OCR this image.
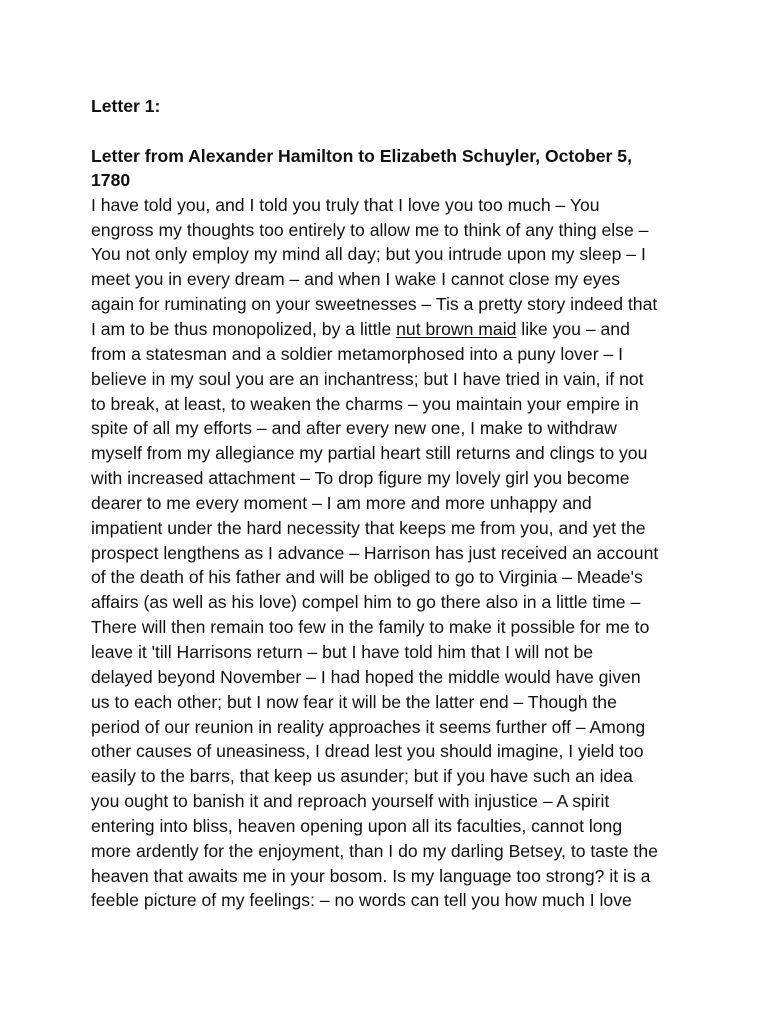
Letter 1:

Letter from Alexander Hamilton to Elizabeth Schuyler, October 5,

1780

I have told you, and I told you truly that I love you too much – You
engross my thoughts too entirely to allow me to think of any thing else –
You not only employ my mind all day; but you intrude upon my sleep – I
meet you in every dream – and when I wake I cannot close my eyes
again for ruminating on your sweetnesses – Tis a pretty story indeed that
I am to be thus monopolized, by a little nut brown maid like you – and
from a statesman and a soldier metamorphosed into a puny lover – I
believe in my soul you are an inchantress; but I have tried in vain, if not
to break, at least, to weaken the charms – you maintain your empire in
spite of all my efforts – and after every new one, I make to withdraw
myself from my allegiance my partial heart still returns and clings to you
with increased attachment – To drop figure my lovely girl you become
dearer to me every moment – I am more and more unhappy and
impatient under the hard necessity that keeps me from you, and yet the
prospect lengthens as I advance – Harrison has just received an account
of the death of his father and will be obliged to go to Virginia – Meade's
affairs (as well as his love) compel him to go there also in a little time –
There will then remain too few in the family to make it possible for me to
leave it 'till Harrisons return – but I have told him that I will not be
delayed beyond November – I had hoped the middle would have given
us to each other; but I now fear it will be the latter end – Though the
period of our reunion in reality approaches it seems further off – Among
other causes of uneasiness, I dread lest you should imagine, I yield too
easily to the barrs, that keep us asunder; but if you have such an idea
you ought to banish it and reproach yourself with injustice – A spirit
entering into bliss, heaven opening upon all its faculties, cannot long
more ardently for the enjoyment, than I do my darling Betsey, to taste the
heaven that awaits me in your bosom. Is my language too strong? it is a
feeble picture of my feelings: – no words can tell you how much I love
